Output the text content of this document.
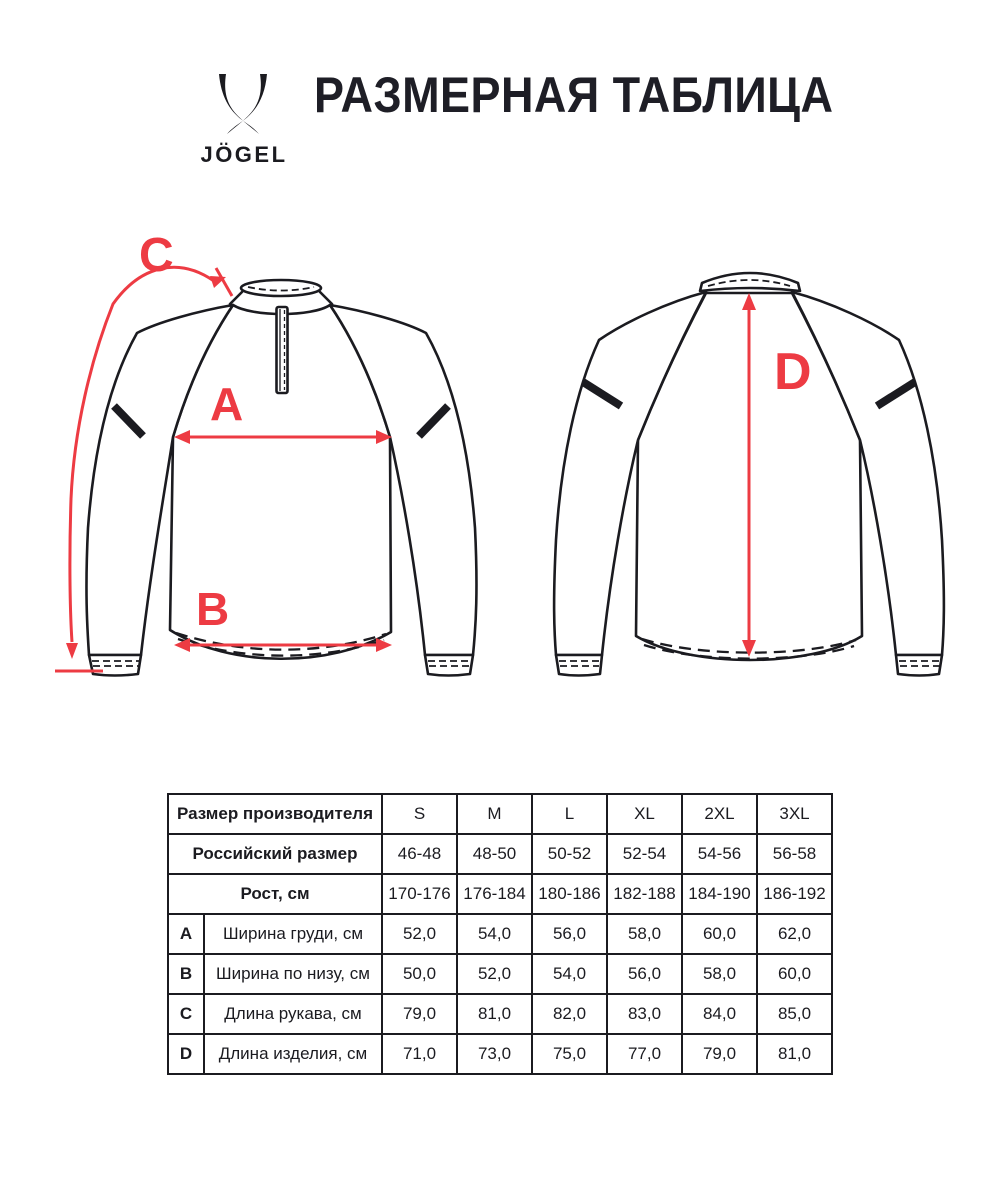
JÖGEL
РАЗМЕРНАЯ ТАБЛИЦА
A
B
C
D
Размер производителя		S	M	L	XL	2XL	3XL
Российский размер		46-48	48-50	50-52	52-54	54-56	56-58
Рост, см		170-176	176-184	180-186	182-188	184-190	186-192
A	Ширина груди, см	52,0	54,0	56,0	58,0	60,0	62,0
B	Ширина по низу, см	50,0	52,0	54,0	56,0	58,0	60,0
C	Длина рукава, см	79,0	81,0	82,0	83,0	84,0	85,0
D	Длина изделия, см	71,0	73,0	75,0	77,0	79,0	81,0
